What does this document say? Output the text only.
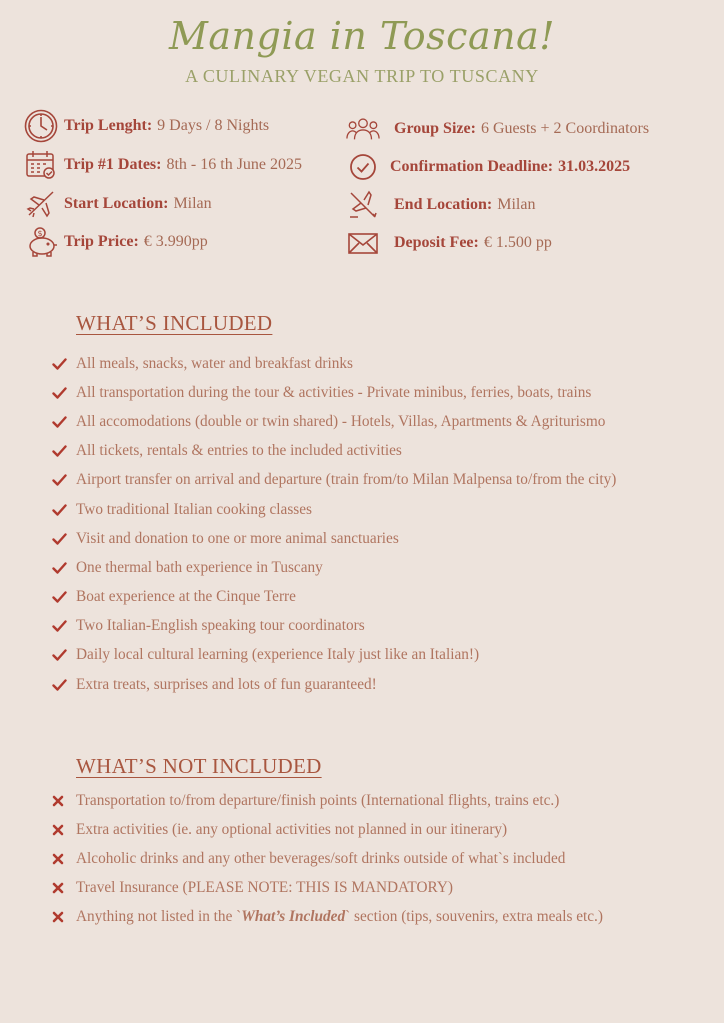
Mangia in Toscana!
A CULINARY VEGAN TRIP TO TUSCANY
Trip Lenght: 9 Days / 8 Nights
Trip #1 Dates: 8th - 16 th June 2025
Start Location: Milan
$ Trip Price: € 3.990pp
Group Size: 6 Guests + 2 Coordinators
Confirmation Deadline: 31.03.2025
End Location: Milan
Deposit Fee: € 1.500 pp
WHAT’S INCLUDED
All meals, snacks, water and breakfast drinks
All transportation during the tour & activities - Private minibus, ferries, boats, trains
All accomodations (double or twin shared) - Hotels, Villas, Apartments & Agriturismo
All tickets, rentals & entries to the included activities
Airport transfer on arrival and departure (train from/to Milan Malpensa to/from the city)
Two traditional Italian cooking classes
Visit and donation to one or more animal sanctuaries
One thermal bath experience in Tuscany
Boat experience at the Cinque Terre
Two Italian-English speaking tour coordinators
Daily local cultural learning (experience Italy just like an Italian!)
Extra treats, surprises and lots of fun guaranteed!
WHAT’S NOT INCLUDED
Transportation to/from departure/finish points (International flights, trains etc.)
Extra activities (ie. any optional activities not planned in our itinerary)
Alcoholic drinks and any other beverages/soft drinks outside of what`s included
Travel Insurance (PLEASE NOTE: THIS IS MANDATORY)
Anything not listed in the `What’s Included` section (tips, souvenirs, extra meals etc.)
